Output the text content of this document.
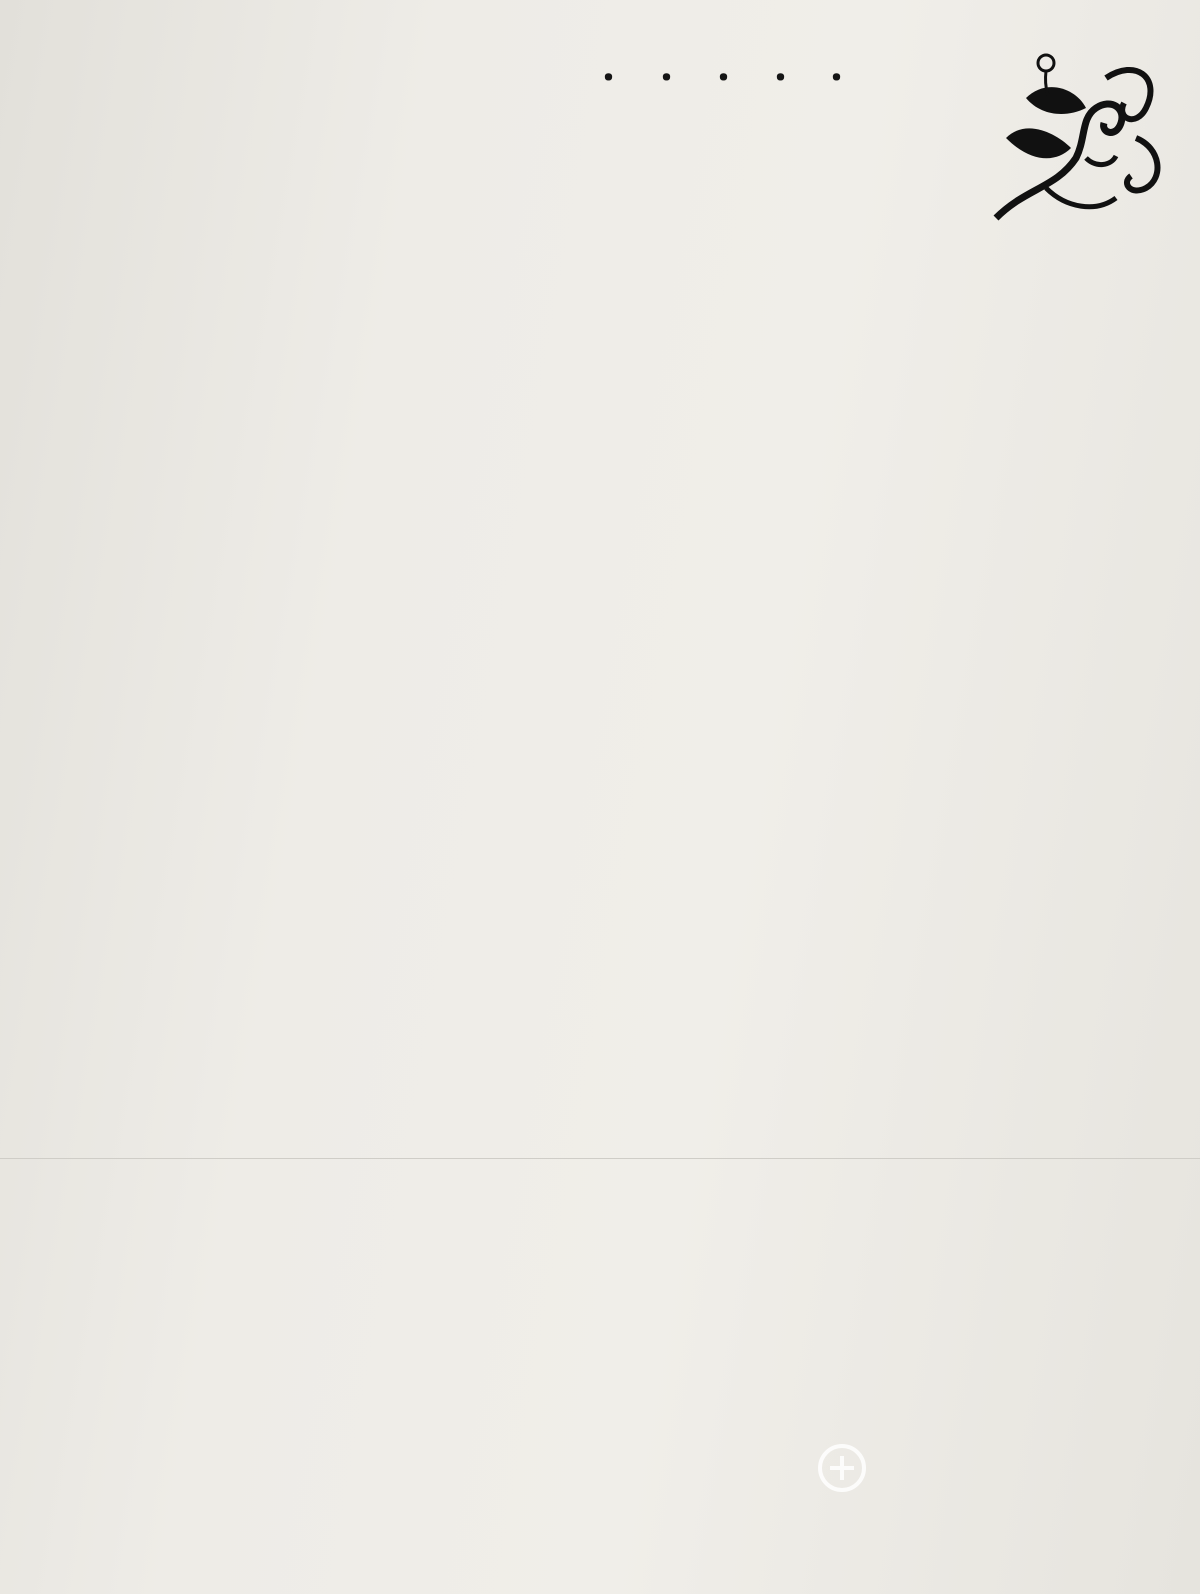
・
・
・
・
・
